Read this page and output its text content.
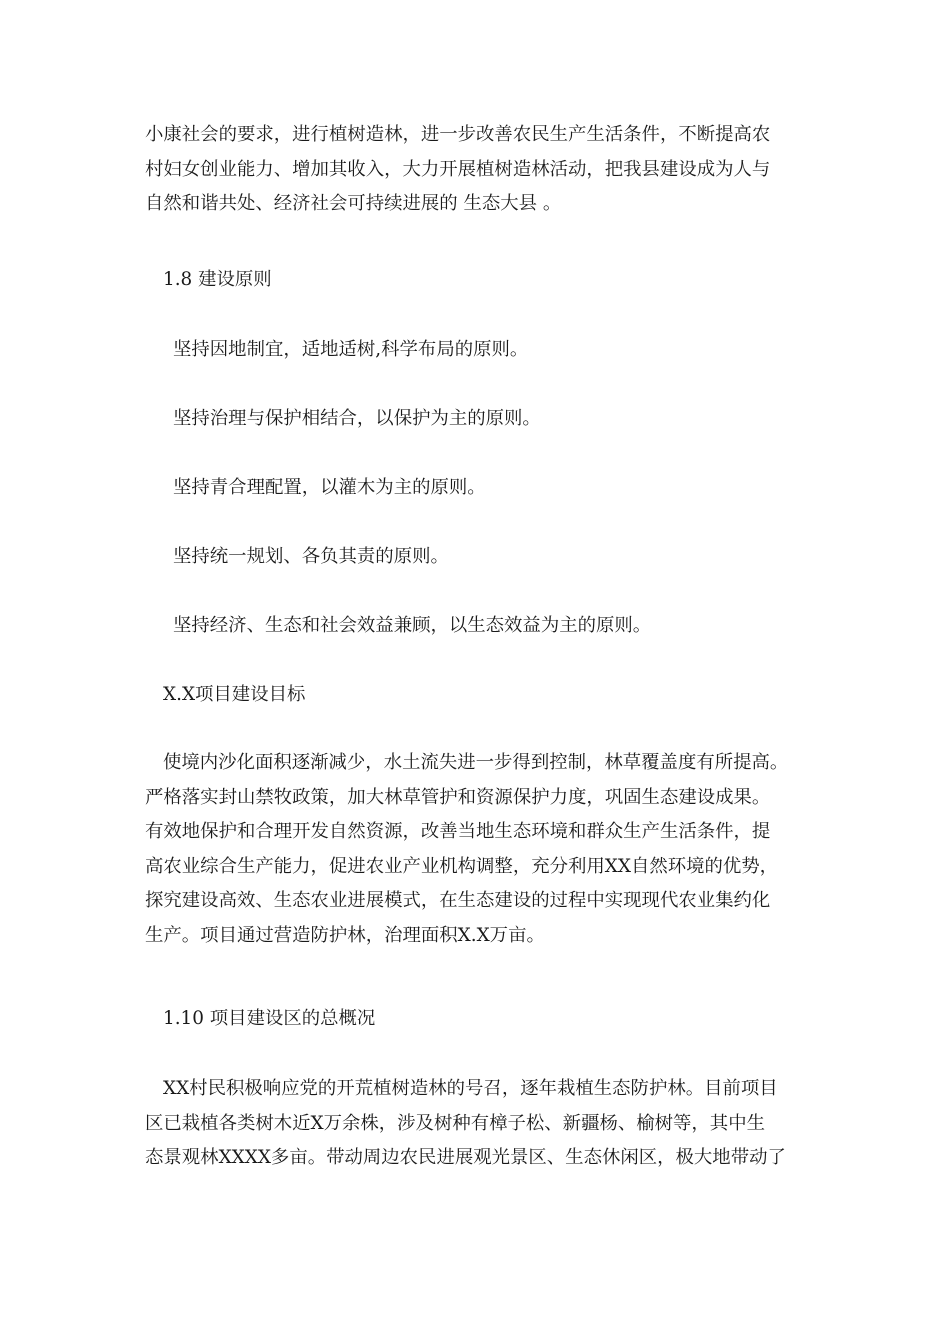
小康社会的要求，进行植树造林，进一步改善农民生产生活条件，不断提高农
村妇女创业能力、增加其收入，大力开展植树造林活动，把我县建设成为人与
自然和谐共处、经济社会可持续进展的 生态大县 。
1.8 建设原则
坚持因地制宜，适地适树,科学布局的原则。
坚持治理与保护相结合，以保护为主的原则。
坚持青合理配置，以灌木为主的原则。
坚持统一规划、各负其责的原则。
坚持经济、生态和社会效益兼顾，以生态效益为主的原则。
X.X项目建设目标
使境内沙化面积逐渐减少，水土流失进一步得到控制，林草覆盖度有所提高。
严格落实封山禁牧政策，加大林草管护和资源保护力度，巩固生态建设成果。
有效地保护和合理开发自然资源，改善当地生态环境和群众生产生活条件，提
高农业综合生产能力，促进农业产业机构调整，充分利用XX自然环境的优势，
探究建设高效、生态农业进展模式，在生态建设的过程中实现现代农业集约化
生产。项目通过营造防护林，治理面积X.X万亩。
1.10 项目建设区的总概况
XX村民积极响应党的开荒植树造林的号召，逐年栽植生态防护林。目前项目
区已栽植各类树木近X万余株，涉及树种有樟子松、新疆杨、榆树等，其中生
态景观林XXXX多亩。带动周边农民进展观光景区、生态休闲区，极大地带动了
